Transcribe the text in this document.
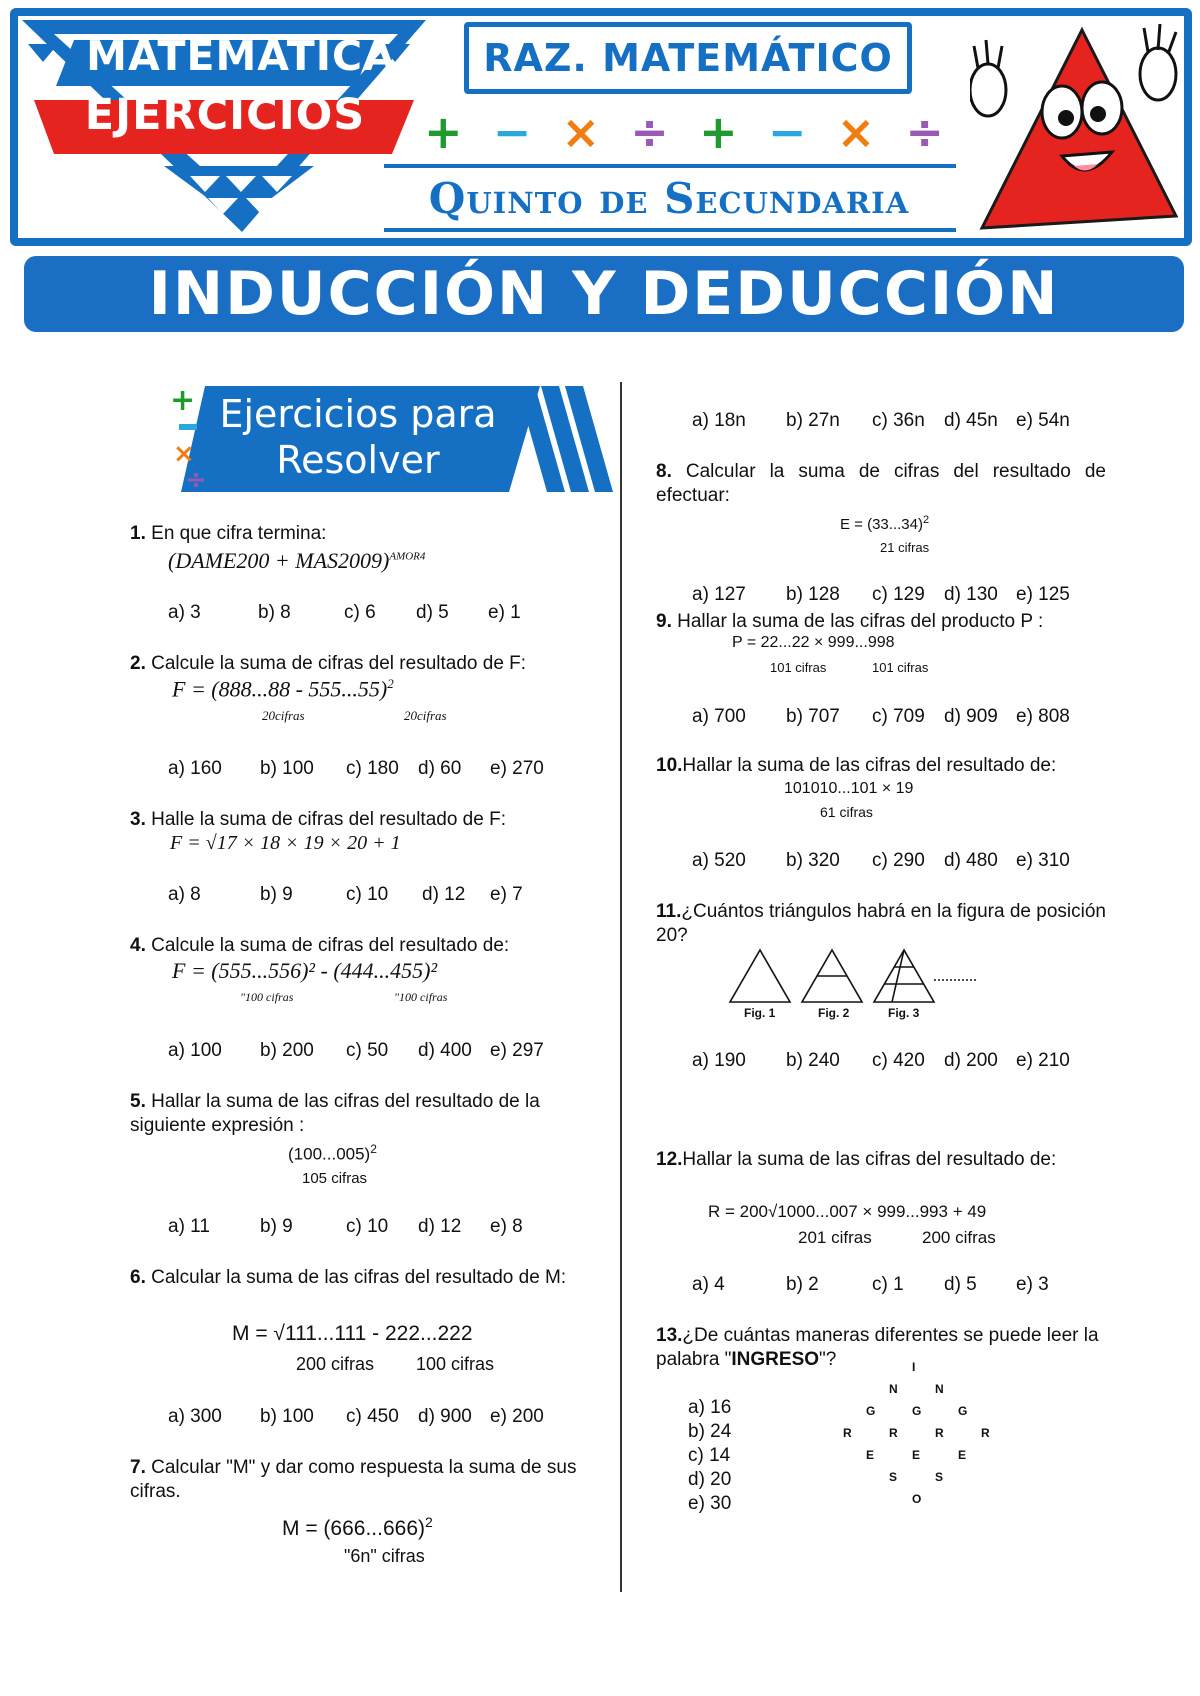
MATEMATICA
EJERCICIOS
RAZ. MATEMÁTICO
+ − × ÷ + − × ÷
Quinto de Secundaria
INDUCCIÓN Y DEDUCCIÓN
+
×
÷
Ejercicios para
Resolver
1. En que cifra termina:
(DAME200 + MAS2009)$^{AMOR4}$
a) 3	b) 8	c) 6 d) 5 e) 1
2. Calcule la suma de cifras del resultado de F:
F = (888...88 - 555...55)$^2$
20cifras	20cifras
a) 160 b) 100 c) 180 d) 60 e) 270
3. Halle la suma de cifras del resultado de F:
F = √17 × 18 × 19 × 20 + 1
a) 8	b) 9	c) 10 d) 12 e) 7
4. Calcule la suma de cifras del resultado de:
F = (555...556)² - (444...455)²
"100 cifras	"100 cifras
a) 100 b) 200 c) 50 d) 400 e) 297
5. Hallar la suma de las cifras del resultado de la siguiente expresión :
$(100...005)^2$
105 cifras
a) 11	b) 9	c) 10 d) 12 e) 8
6. Calcular la suma de las cifras del resultado de M:
M = √111...111 - 222...222
200 cifras 100 cifras
a) 300 b) 100 c) 450 d) 900 e) 200
7. Calcular "M" y dar como respuesta la suma de sus cifras.
$M = (666...666)^2$
"6n" cifras
a) 18n b) 27n c) 36n d) 45n e) 54n
8. Calcular la suma de cifras del resultado de efectuar:
$E = (33...34)^2$
21 cifras
a) 127 b) 128 c) 129 d) 130 e) 125
9. Hallar la suma de las cifras del producto P :
P = 22...22 × 999...998
101 cifras	101 cifras
a) 700 b) 707 c) 709 d) 909 e) 808
10.Hallar la suma de las cifras del resultado de:
101010...101 × 19
61 cifras
a) 520 b) 320 c) 290 d) 480 e) 310
11.¿Cuántos triángulos habrá en la figura de posición 20?
Fig. 1	Fig. 2	Fig. 3
a) 190 b) 240 c) 420 d) 200 e) 210
12.Hallar la suma de las cifras del resultado de:
R = 200√1000...007 × 999...993 + 49
201 cifras	200 cifras
a) 4	b) 2	c) 1 d) 5 e) 3
13.¿De cuántas maneras diferentes se puede leer la palabra "INGRESO"?
a) 16
b) 24
c) 14
d) 20
e) 30
I
N	N
G	G	G
R	R	R	R
E	E	E
S	S
O
